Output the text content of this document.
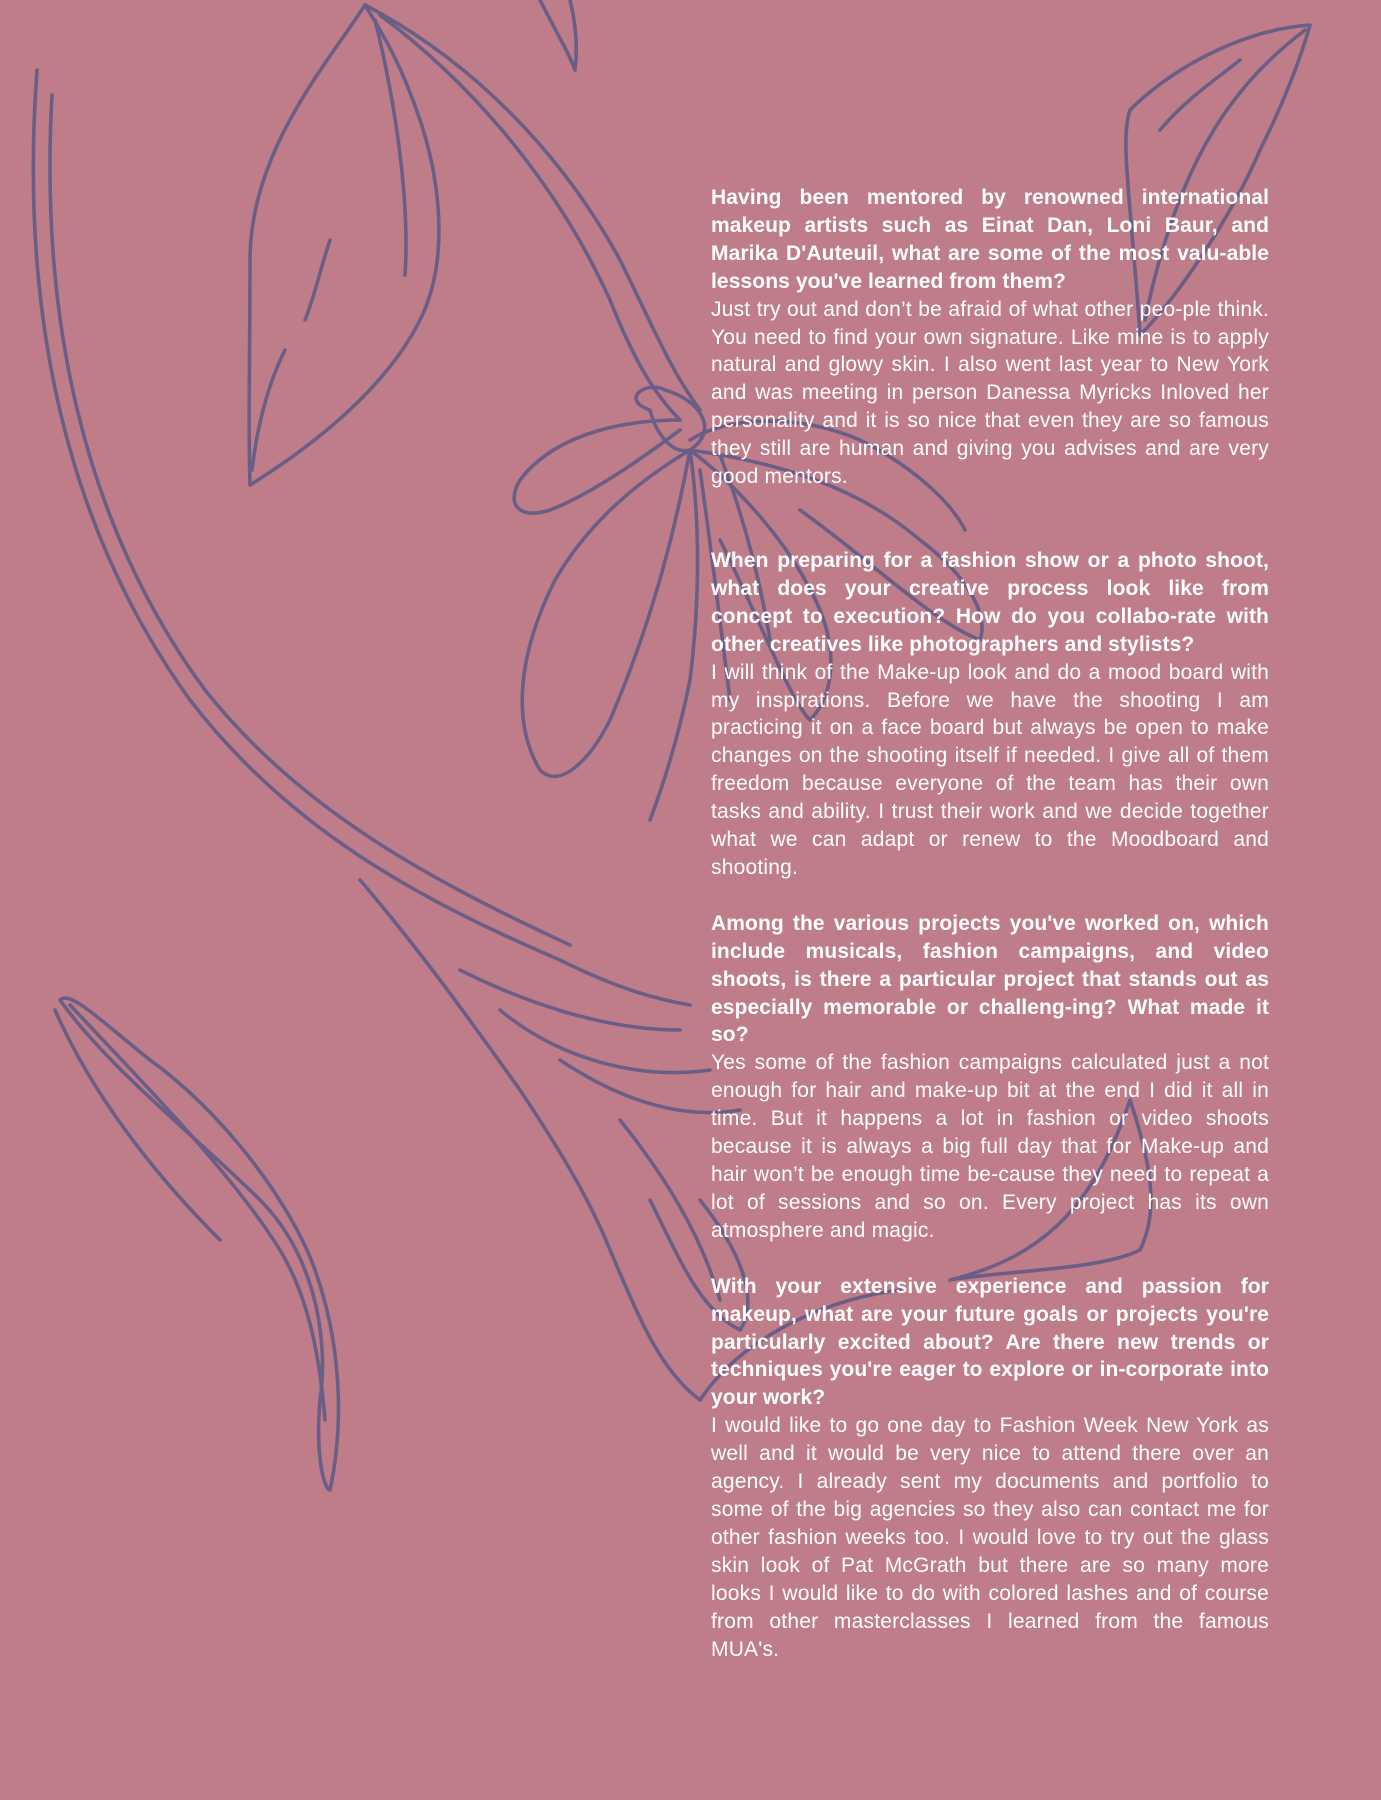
Having been mentored by renowned international makeup artists such as Einat Dan, Loni Baur, and Marika D'Auteuil, what are some of the most valu-able lessons you've learned from them?

Just try out and don’t be afraid of what other peo-ple think. You need to find your own signature. Like mine is to apply natural and glowy skin. I also went last year to New York and was meeting in person Danessa Myricks Inloved her personality and it is so nice that even they are so famous they still are human and giving you advises and are very good mentors.

When preparing for a fashion show or a photo shoot, what does your creative process look like from concept to execution? How do you collabo-rate with other creatives like photographers and stylists?

I will think of the Make-up look and do a mood board with my inspirations. Before we have the shooting I am practicing it on a face board but always be open to make changes on the shooting itself if needed. I give all of them freedom because everyone of the team has their own tasks and ability. I trust their work and we decide together what we can adapt or renew to the Moodboard and shooting.

Among the various projects you've worked on, which include musicals, fashion campaigns, and video shoots, is there a particular project that stands out as especially memorable or challeng-ing? What made it so?

Yes some of the fashion campaigns calculated just a not enough for hair and make-up bit at the end I did it all in time. But it happens a lot in fashion or video shoots because it is always a big full day that for Make-up and hair won’t be enough time be-cause they need to repeat a lot of sessions and so on. Every project has its own atmosphere and magic.

With your extensive experience and passion for makeup, what are your future goals or projects you're particularly excited about? Are there new trends or techniques you're eager to explore or in-corporate into your work?

I would like to go one day to Fashion Week New York as well and it would be very nice to attend there over an agency. I already sent my documents and portfolio to some of the big agencies so they also can contact me for other fashion weeks too. I would love to try out the glass skin look of Pat McGrath but there are so many more looks I would like to do with colored lashes and of course from other masterclasses I learned from the famous MUA's.
